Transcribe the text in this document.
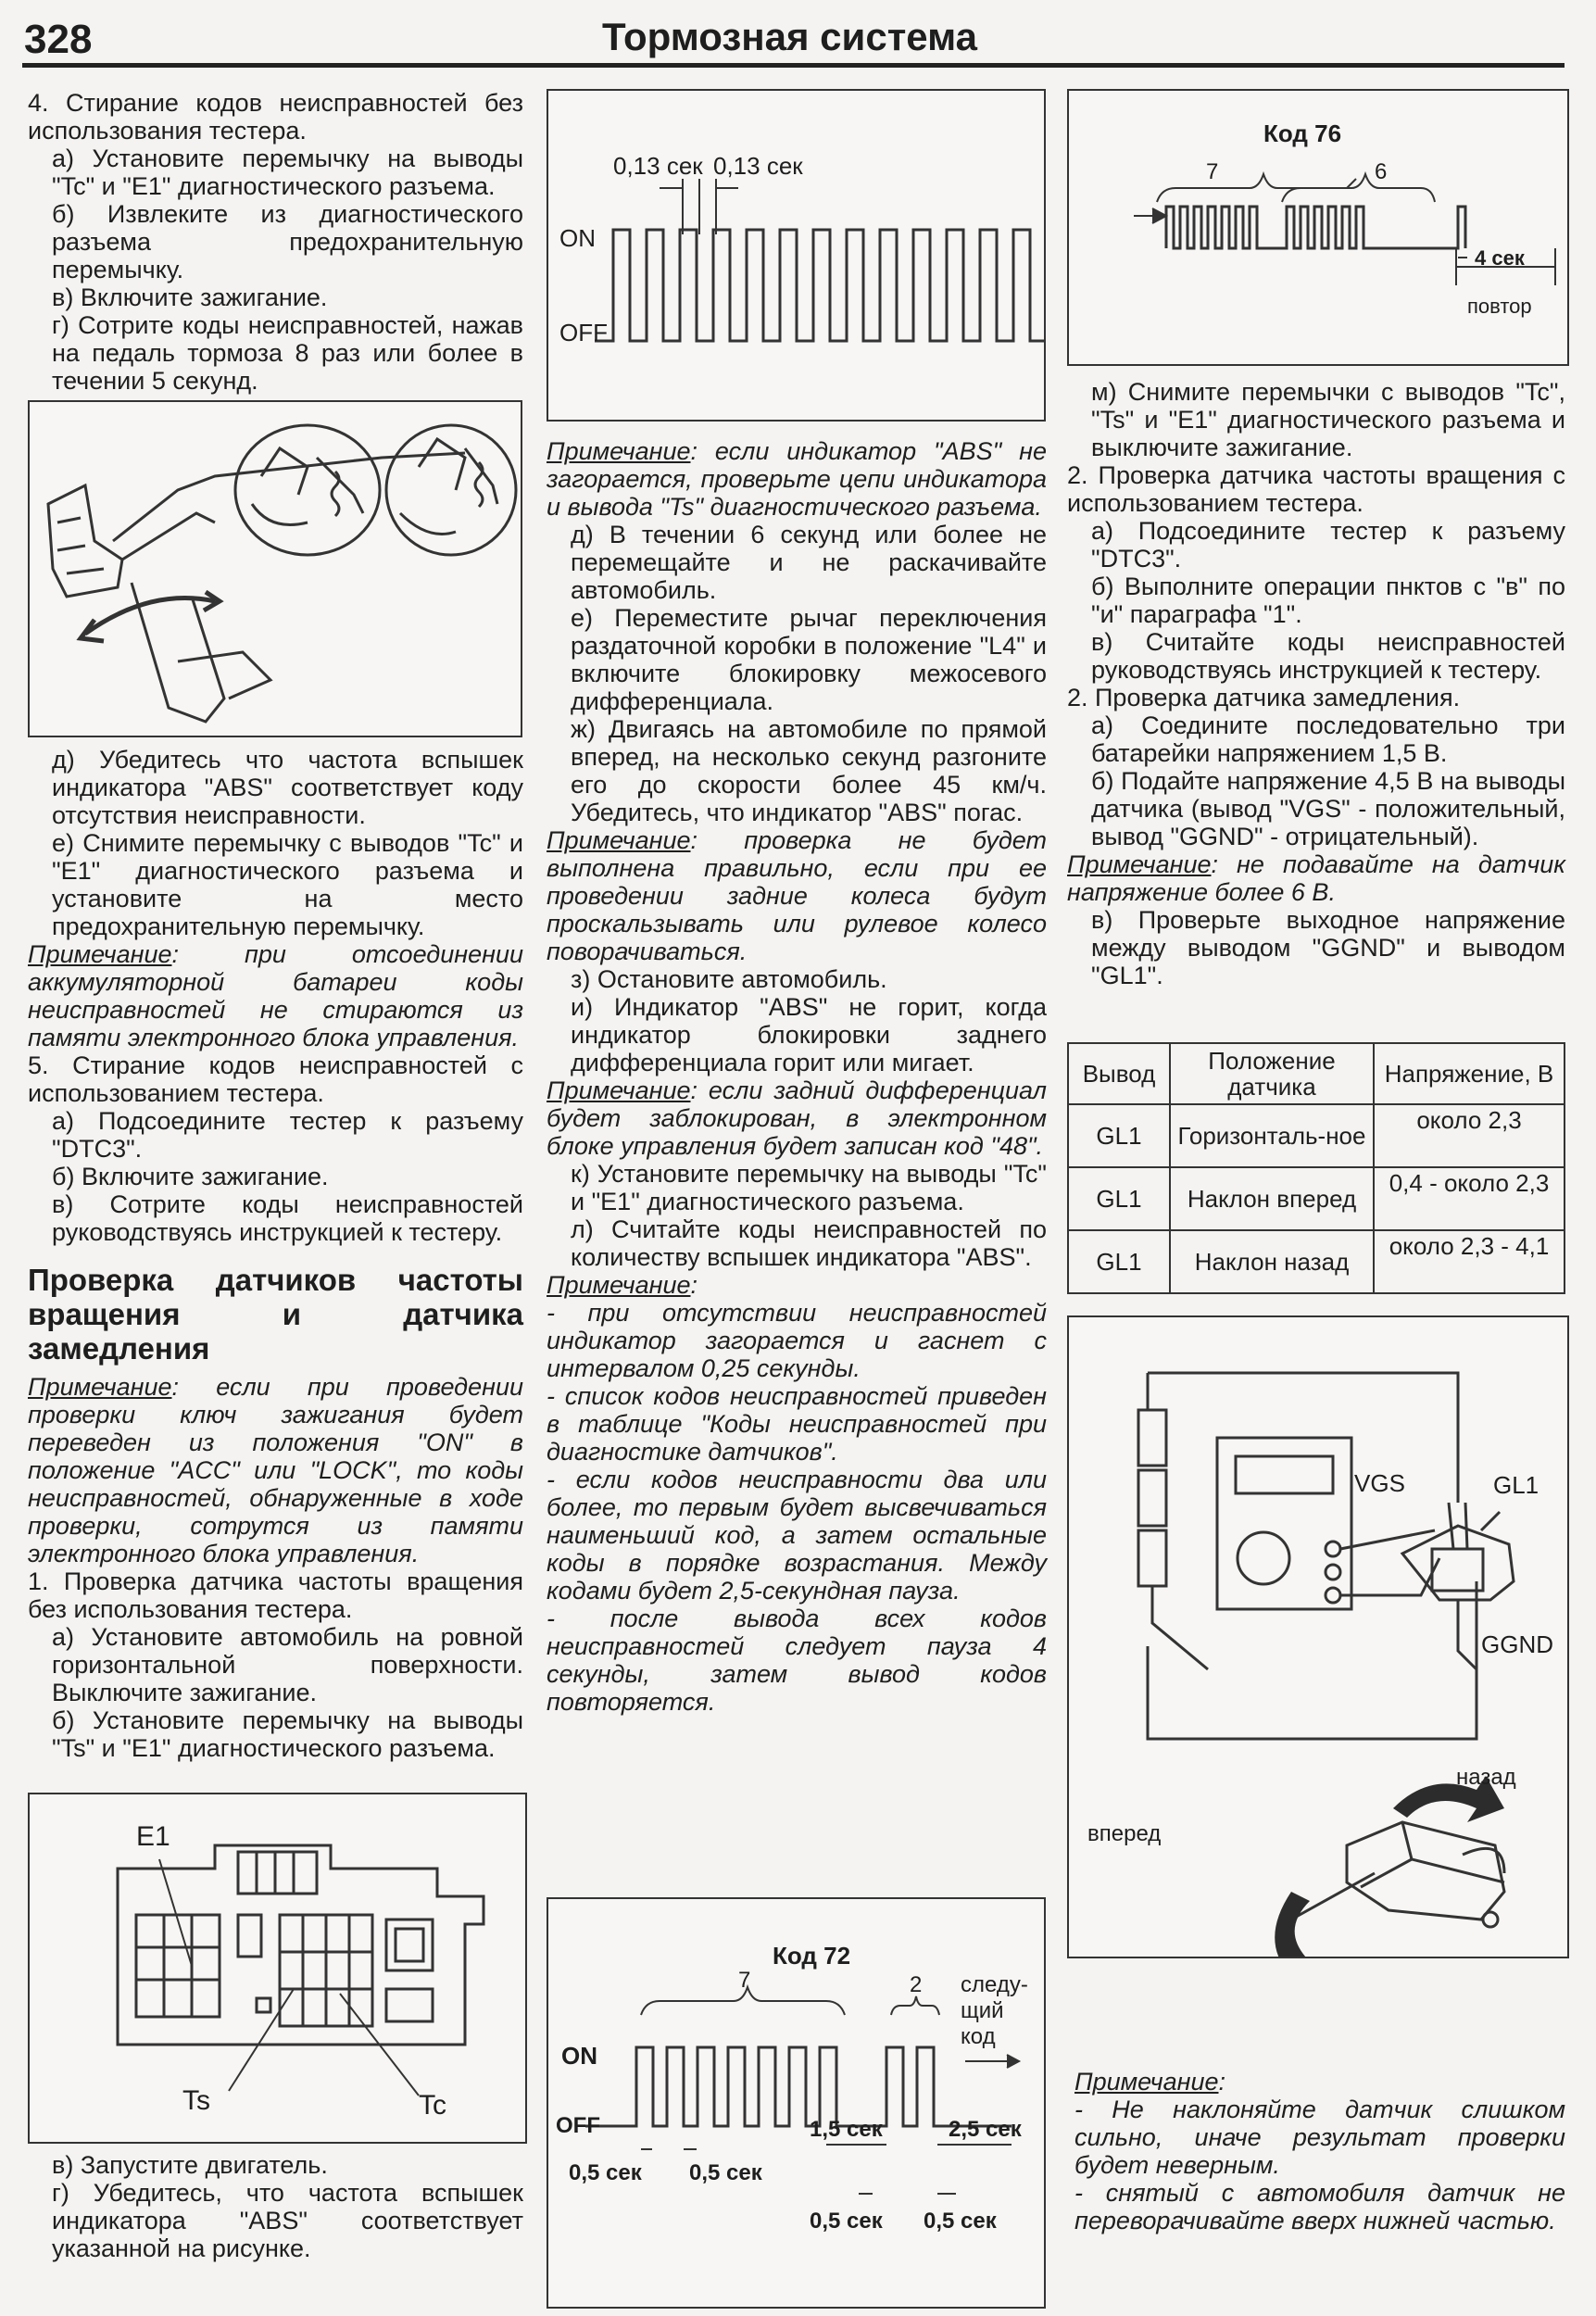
328	Тормозная система

4. Стирание кодов неисправностей без использования тестера.

а) Установите перемычку на выводы "Tc" и "E1" диагностического разъема.

б) Извлеките из диагностического разъема предохранительную перемычку.

в) Включите зажигание.

г) Сотрите коды неисправностей, нажав на педаль тормоза 8 раз или более в течении 5 секунд.

д) Убедитесь что частота вспышек индикатора "ABS" соответствует коду отсутствия неисправности.

е) Снимите перемычку с выводов "Tc" и "E1" диагностического разъема и установите на место предохранительную перемычку.

Примечание: при отсоединении аккумуляторной батареи коды неисправностей не стираются из памяти электронного блока управления.

5. Стирание кодов неисправностей с использованием тестера.

а) Подсоедините тестер к разъему "DTC3".

б) Включите зажигание.

в) Сотрите коды неисправностей руководствуясь инструкцией к тестеру.

Проверка датчиков частоты вращения и датчика замедления

Примечание: если при проведении проверки ключ зажигания будет переведен из положения "ON" в положение "ACC" или "LOCK", то коды неисправностей, обнаруженные в ходе проверки, сотрутся из памяти электронного блока управления.

1. Проверка датчика частоты вращения без использования тестера.

а) Установите автомобиль на ровной горизонтальной поверхности. Выключите зажигание.

б) Установите перемычку на выводы "Ts" и "E1" диагностического разъема.

E1
Ts	Tc

в) Запустите двигатель.

г) Убедитесь, что частота вспышек индикатора "ABS" соответствует указанной на рисунке.

0,13 сек 0,13 сек
ON
OFF

Примечание: если индикатор "ABS" не загорается, проверьте цепи индикатора и вывода "Ts" диагностического разъема.

д) В течении 6 секунд или более не перемещайте и не раскачивайте автомобиль.

е) Переместите рычаг переключения раздаточной коробки в положение "L4" и включите блокировку межосевого дифференциала.

ж) Двигаясь на автомобиле по прямой вперед, на несколько секунд разгоните его до скорости более 45 км/ч. Убедитесь, что индикатор "ABS" погас.

Примечание: проверка не будет выполнена правильно, если при ее проведении задние колеса будут проскальзывать или рулевое колесо поворачиваться.

з) Остановите автомобиль.

и) Индикатор "ABS" не горит, когда индикатор блокировки заднего дифференциала горит или мигает.

Примечание: если задний дифференциал будет заблокирован, в электронном блоке управления будет записан код "48".

к) Установите перемычку на выводы "Tc" и "E1" диагностического разъема.

л) Считайте коды неисправностей по количеству вспышек индикатора "ABS".

Примечание:

- при отсутствии неисправностей индикатор загорается и гаснет с интервалом 0,25 секунды.

- список кодов неисправностей приведен в таблице "Коды неисправностей при диагностике датчиков".

- если кодов неисправности два или более, то первым будет высвечиваться наименьший код, а затем остальные коды в порядке возрастания. Между кодами будет 2,5-секундная пауза.

- после вывода всех кодов неисправностей следует пауза 4 секунды, затем вывод кодов повторяется.

Код 72
7	2 следу-
щий
код
ON
OFF	1,5 сек	2,5 сек
0,5 сек 0,5 сек
0,5 сек 0,5 сек
Код 76
7	6
4 сек
повтор

м) Снимите перемычки с выводов "Tc", "Ts" и "E1" диагностического разъема и выключите зажигание.

2. Проверка датчика частоты вращения с использованием тестера.

а) Подсоедините тестер к разъему "DTC3".

б) Выполните операции пнктов с "в" по "и" параграфа "1".

в) Считайте коды неисправностей руководствуясь инструкцией к тестеру.

2. Проверка датчика замедления.

а) Соедините последовательно три батарейки напряжением 1,5 В.

б) Подайте напряжение 4,5 В на выводы датчика (вывод "VGS" - положительный, вывод "GGND" - отрицательный).

Примечание: не подавайте на датчик напряжение более 6 В.

в) Проверьте выходное напряжение между выводом "GGND" и выводом "GL1".

Вывод	Положение датчика	Напряжение, В
GL1	Горизонталь-ное	около 2,3
GL1	Наклон вперед	0,4 - около 2,3
GL1	Наклон назад	около 2,3 - 4,1
VGS	GL1
GGND
назад
вперед

Примечание:

- Не наклоняйте датчик слишком сильно, иначе результат проверки будет неверным.

- снятый с автомобиля датчик не переворачивайте вверх нижней частью.
